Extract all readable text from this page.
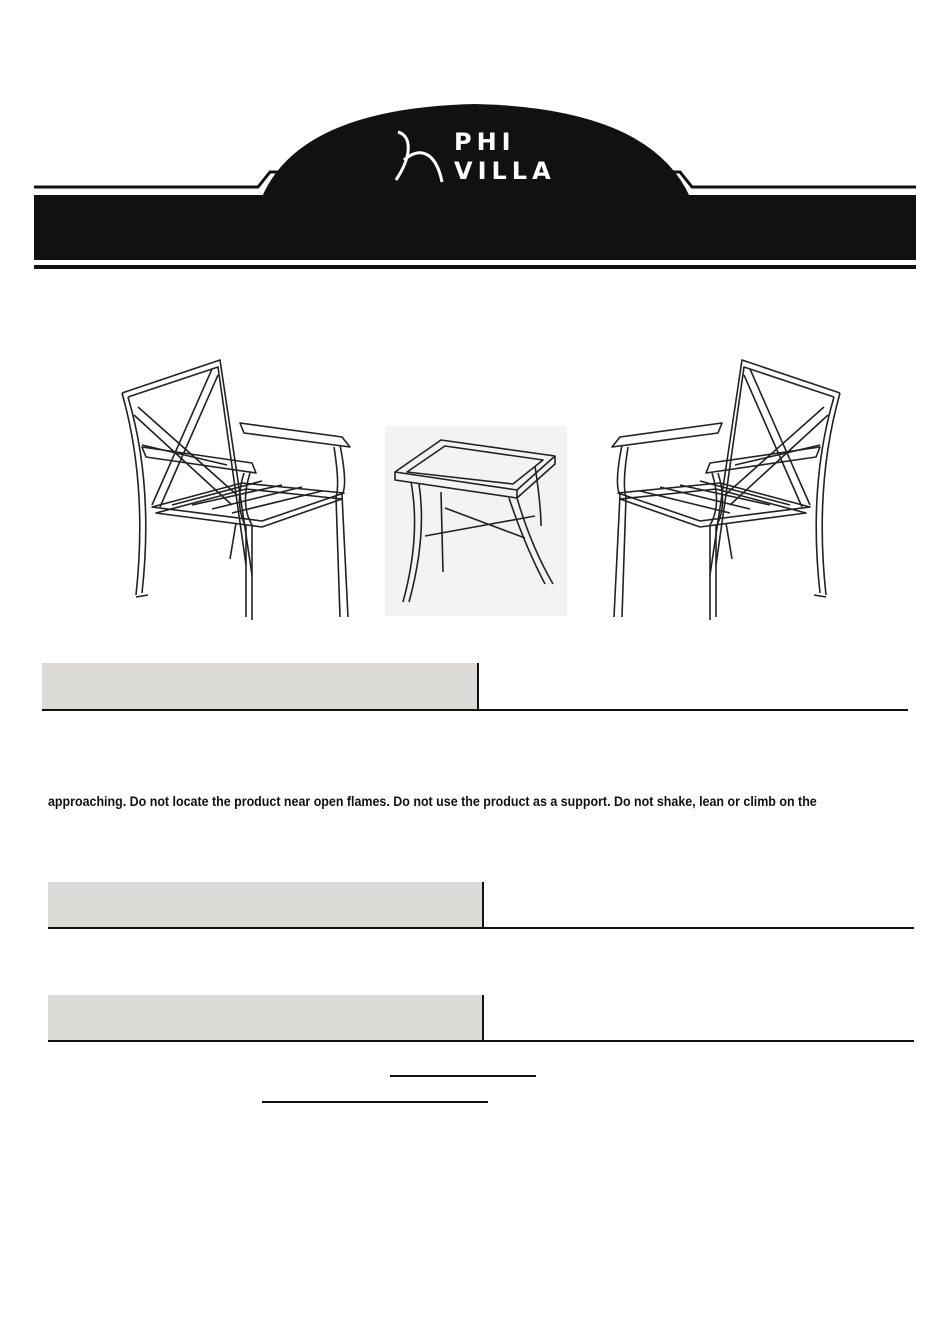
PHI
VILLA
approaching. Do not locate the product near open flames. Do not use the product as a support. Do not shake, lean or climb on the
